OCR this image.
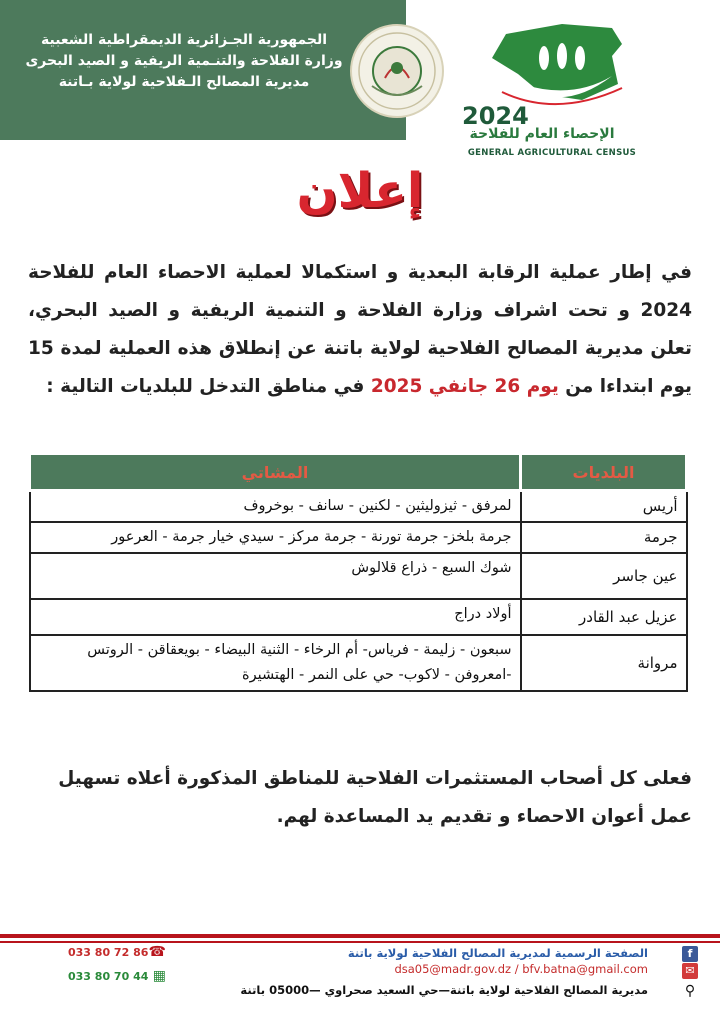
الجمهورية الجـزائرية الديمقراطية الشعبية
وزارة الفلاحة والتنـمية الريفية و الصيد البحرى
مديرية المصالح الـفلاحية لولاية بـاتنة
2024
الإحصاء العام للفلاحة
GENERAL AGRICULTURAL CENSUS
إعلان
في إطار عملية الرقابة البعدية و استكمالا لعملية الاحصاء العام للفلاحة 2024 و تحت اشراف وزارة الفلاحة و التنمية الريفية و الصيد البحري، تعلن مديرية المصالح الفلاحية لولاية باتنة عن إنطلاق هذه العملية لمدة 15 يوم ابتداءا من يوم 26 جانفي 2025 في مناطق التدخل للبلديات التالية :
البلديات	المشاتي
أريس	لمرفق - ثيزوليثين - لكنين - سانف - بوخروف
جرمة	جرمة بلخز- جرمة تورنة - جرمة مركز - سيدي خيار جرمة - العرعور
عين جاسر	شوك السبع - ذراع قلالوش
عزيل عبد القادر	أولاد دراج
مروانة	سبعون - زليمة - فرياس- أم الرخاء - الثنية البيضاء - بويعقاقن - الروتس -امعروفن - لاكوب- حي على النمر - الهتشيرة
فعلى كل أصحاب المستثمرات الفلاحية للمناطق المذكورة أعلاه تسهيل عمل أعوان الاحصاء و تقديم يد المساعدة لهم.
f
الصفحة الرسمية لمديرية المصالح الفلاحية لولاية باتنة
✉
dsa05@madr.gov.dz / bfv.batna@gmail.com
⚲
مديرية المصالح الفلاحية لولاية باتنة—حي السعيد صحراوي —05000 باتنة
☎
033 80 72 86
▦
033 80 70 44
